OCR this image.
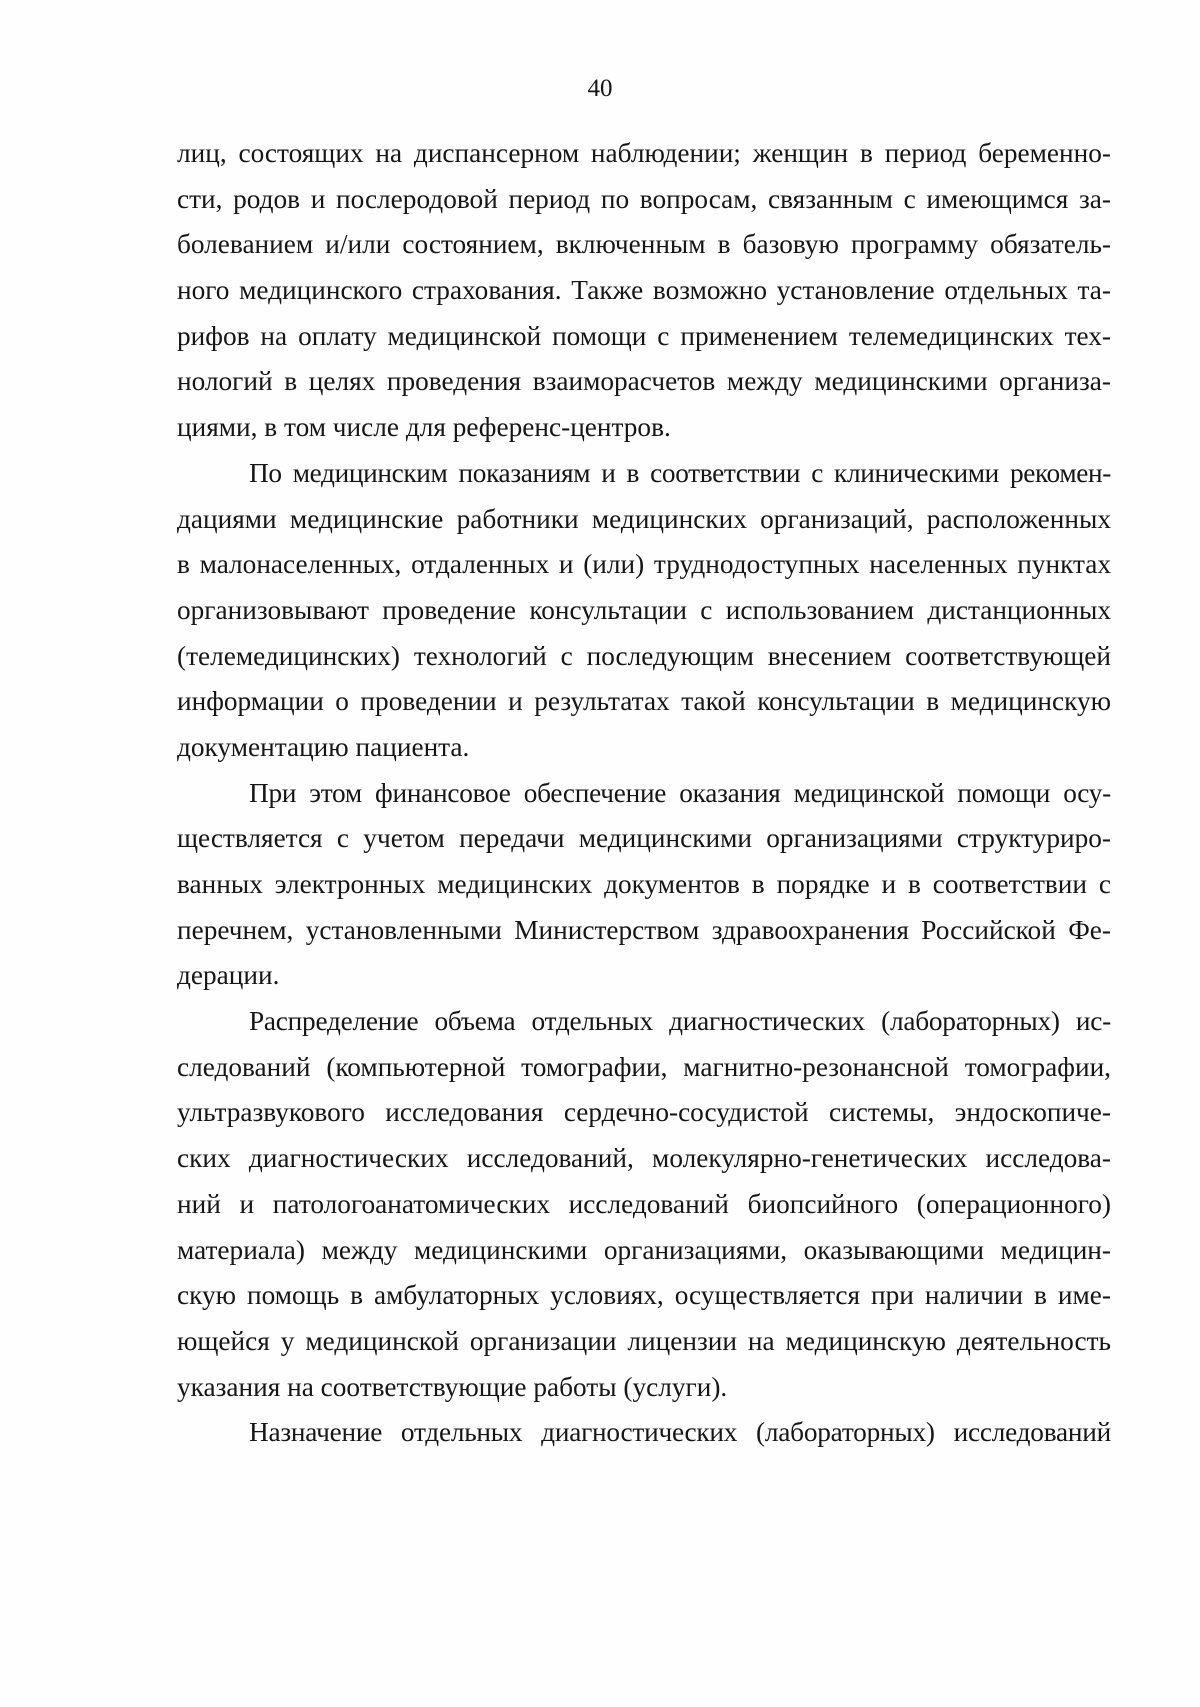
40
лиц, состоящих на диспансерном наблюдении; женщин в период беременно-
сти, родов и послеродовой период по вопросам, связанным с имеющимся за-
болеванием и/или состоянием, включенным в базовую программу обязатель-
ного медицинского страхования. Также возможно установление отдельных та-
рифов на оплату медицинской помощи с применением телемедицинских тех-
нологий в целях проведения взаиморасчетов между медицинскими организа-
циями, в том числе для референс-центров.
По медицинским показаниям и в соответствии с клиническими рекомен-
дациями медицинские работники медицинских организаций, расположенных
в малонаселенных, отдаленных и (или) труднодоступных населенных пунктах
организовывают проведение консультации с использованием дистанционных
(телемедицинских) технологий с последующим внесением соответствующей
информации о проведении и результатах такой консультации в медицинскую
документацию пациента.
При этом финансовое обеспечение оказания медицинской помощи осу-
ществляется с учетом передачи медицинскими организациями структуриро-
ванных электронных медицинских документов в порядке и в соответствии с
перечнем, установленными Министерством здравоохранения Российской Фе-
дерации.
Распределение объема отдельных диагностических (лабораторных) ис-
следований (компьютерной томографии, магнитно-резонансной томографии,
ультразвукового исследования сердечно-сосудистой системы, эндоскопиче-
ских диагностических исследований, молекулярно-генетических исследова-
ний и патологоанатомических исследований биопсийного (операционного)
материала) между медицинскими организациями, оказывающими медицин-
скую помощь в амбулаторных условиях, осуществляется при наличии в име-
ющейся у медицинской организации лицензии на медицинскую деятельность
указания на соответствующие работы (услуги).
Назначение отдельных диагностических (лабораторных) исследований
